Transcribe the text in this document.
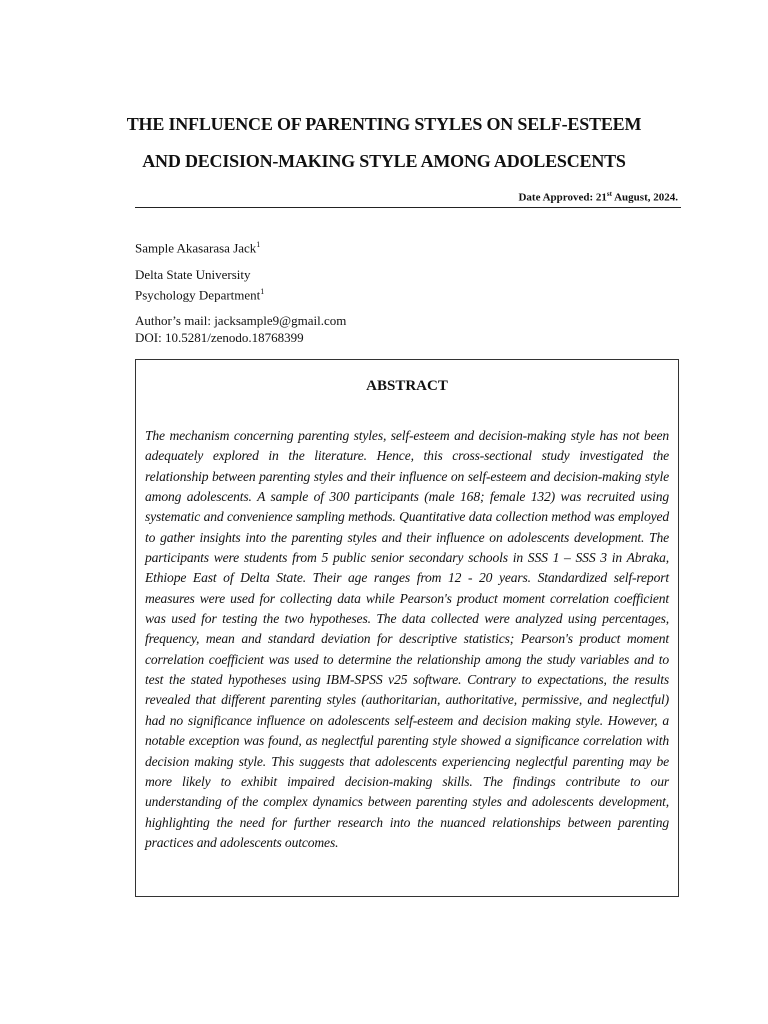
THE INFLUENCE OF PARENTING STYLES ON SELF-ESTEEM
AND DECISION-MAKING STYLE AMONG ADOLESCENTS
Date Approved: 21st August, 2024.
Sample Akasarasa Jack$^1$
Delta State University
Psychology Department$^1$
Author’s mail: jacksample9@gmail.com
DOI: 10.5281/zenodo.18768399
ABSTRACT
The mechanism concerning parenting styles, self-esteem and decision-making style has not been adequately explored in the literature. Hence, this cross-sectional study investigated the relationship between parenting styles and their influence on self-esteem and decision-making style among adolescents. A sample of 300 participants (male 168; female 132) was recruited using systematic and convenience sampling methods. Quantitative data collection method was employed to gather insights into the parenting styles and their influence on adolescents development. The participants were students from 5 public senior secondary schools in SSS 1 – SSS 3 in Abraka, Ethiope East of Delta State. Their age ranges from 12 - 20 years. Standardized self-report measures were used for collecting data while Pearson's product moment correlation coefficient was used for testing the two hypotheses. The data collected were analyzed using percentages, frequency, mean and standard deviation for descriptive statistics; Pearson's product moment correlation coefficient was used to determine the relationship among the study variables and to test the stated hypotheses using IBM-SPSS v25 software. Contrary to expectations, the results revealed that different parenting styles (authoritarian, authoritative, permissive, and neglectful) had no significance influence on adolescents self-esteem and decision making style. However, a notable exception was found, as neglectful parenting style showed a significance correlation with decision making style. This suggests that adolescents experiencing neglectful parenting may be more likely to exhibit impaired decision-making skills. The findings contribute to our understanding of the complex dynamics between parenting styles and adolescents development, highlighting the need for further research into the nuanced relationships between parenting practices and adolescents outcomes.
